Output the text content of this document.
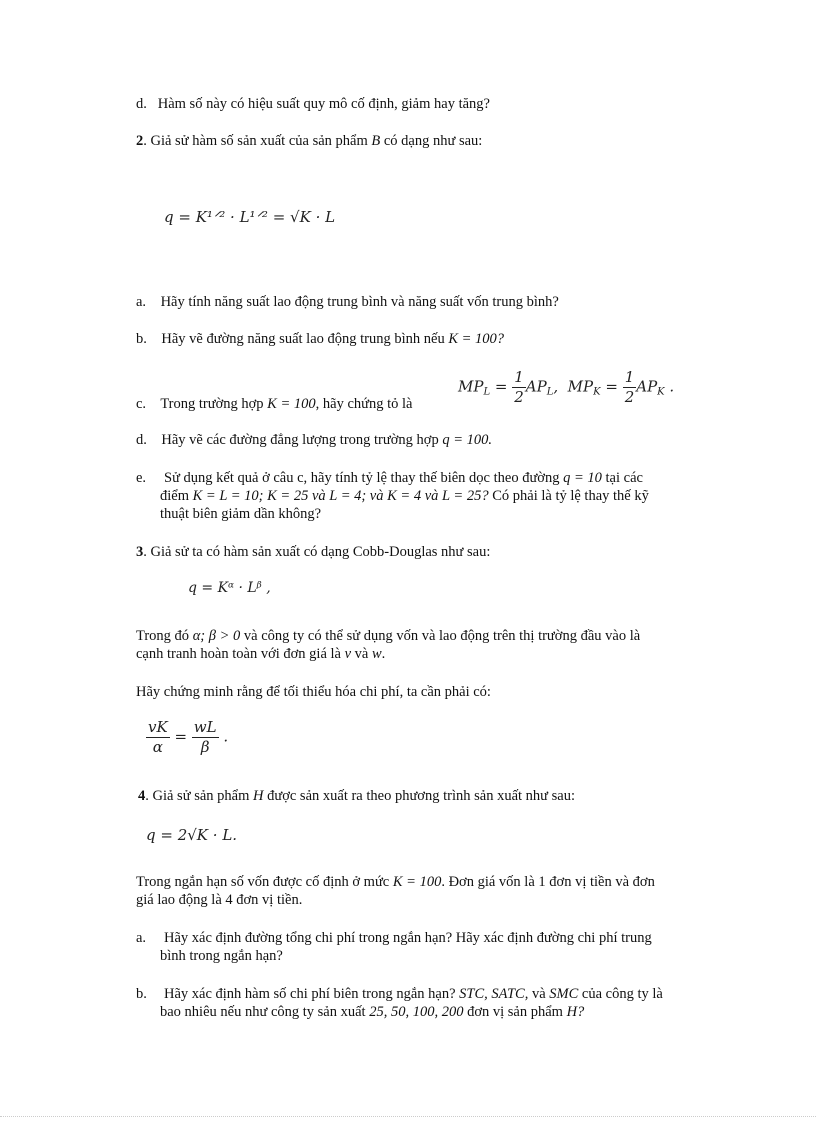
d. Hàm số này có hiệu suất quy mô cố định, giảm hay tăng?
2. Giả sử hàm số sản xuất của sản phẩm B có dạng như sau:
q = K¹ᐟ² · L¹ᐟ² = √K · L
a. Hãy tính năng suất lao động trung bình và năng suất vốn trung bình?
b. Hãy vẽ đường năng suất lao động trung bình nếu K = 100?
c. Trong trường hợp K = 100, hãy chứng tỏ là
$MP_L = \frac{1}{2} AP_L$,  $MP_K = \frac{1}{2} AP_K$ .
d. Hãy vẽ các đường đẳng lượng trong trường hợp q = 100.
e. Sử dụng kết quả ở câu c, hãy tính tỷ lệ thay thế biên dọc theo đường q = 10 tại các
điểm K = L = 10; K = 25 và L = 4; và K = 4 và L = 25? Có phải là tỷ lệ thay thế kỹ
thuật biên giảm dần không?
3. Giả sử ta có hàm sản xuất có dạng Cobb-Douglas như sau:
q = Kᵅ · Lᵝ ,
Trong đó α; β > 0 và công ty có thể sử dụng vốn và lao động trên thị trường đầu vào là
cạnh tranh hoàn toàn với đơn giá là v và w.
Hãy chứng minh rằng để tối thiểu hóa chi phí, ta cần phải có:
$\frac{vK}{\alpha} = \frac{wL}{\beta}$ .
4. Giả sử sản phẩm H được sản xuất ra theo phương trình sản xuất như sau:
q = 2√K · L.
Trong ngắn hạn số vốn được cố định ở mức K = 100. Đơn giá vốn là 1 đơn vị tiền và đơn
giá lao động là 4 đơn vị tiền.
a. Hãy xác định đường tổng chi phí trong ngắn hạn? Hãy xác định đường chi phí trung
bình trong ngắn hạn?
b. Hãy xác định hàm số chi phí biên trong ngắn hạn? STC, SATC, và SMC của công ty là
bao nhiêu nếu như công ty sản xuất 25, 50, 100, 200 đơn vị sản phẩm H?
